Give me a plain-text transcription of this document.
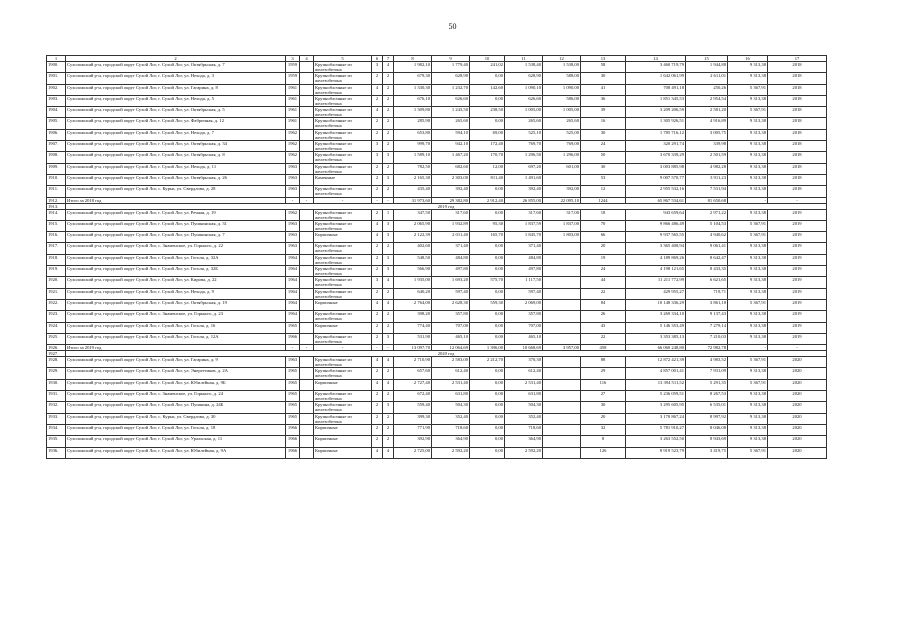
50
1	2	3	4	5	6	7	8	9	10	11	12	13	14	15	16	17
1900.	Сухоложский р-н, городской округ Сухой Лог, г. Сухой Лог, ул. Октябрьская, д. 7	1959		Крупноблочные из железобетона	3	4	1 982,10	1 779,40	241,02	1 538,40	1 538,00	58	3 460 719,79	1 944,88	9 313,38	2018
1901.	Сухоложский р-н, городской округ Сухой Лог, г. Сухой Лог, ул. Нехода, д. 3	1959		Крупноблочные из железобетона	2	2	679,30	628,90	0,00	628,90	588,00	30	1 642 061,99	2 611,01	9 313,38	2018
1902.	Сухоложский р-н, городской округ Сухой Лог, г. Сухой Лог, ул. Гагарина, д. 8	1961		Крупноблочные из железобетона	4	2	1 330,30	1 232,70	142,60	1 090,10	1 090,00	41	708 491,18	250,26	5 367,91	2018
1903.	Сухоложский р-н, городской округ Сухой Лог, г. Сухой Лог, ул. Нехода, д. 5	1961		Крупноблочные из железобетона	2	2	676,10	626,60	0,00	626,60	586,00	36	1 851 345,53	2 954,54	9 313,38	2018
1904.	Сухоложский р-н, городской округ Сухой Лог, г. Сухой Лог, ул. Октябрьская, д. 5	1961		Крупноблочные из железобетона	4	2	1 309,80	1 243,50	238,50	1 005,00	1 005,00	39	3 209 206,59	2 581,20	5 367,91	2018
1905.	Сухоложский р-н, городской округ Сухой Лог, г. Сухой Лог, ул. Фабричная, д. 12	1961		Крупноблочные из железобетона	2	2	285,90	265,60	0,00	265,60	265,60	16	1 305 926,51	4 916,89	9 313,38	2018
1906.	Сухоложский р-н, городской округ Сухой Лог, г. Сухой Лог, ул. Нехода, д. 7	1962		Крупноблочные из железобетона	2	2	653,80	594,10	69,00	525,10	525,00	30	1 785 716,12	3 005,75	9 313,38	2018
1907.	Сухоложский р-н, городской округ Сухой Лог, г. Сухой Лог, ул. Октябрьская, д. 34	1962		Крупноблочные из железобетона	3	2	999,70	942,10	172,40	769,70	769,00	24	320 291,74	339,98	9 313,38	2018
1908.	Сухоложский р-н, городской округ Сухой Лог, г. Сухой Лог, ул. Октябрьская, д. 8	1962		Крупноблочные из железобетона	3	3	1 589,10	1 467,20	170,70	1 296,50	1 296,00	50	3 670 339,29	2 501,59	9 313,38	2018
1909.	Сухоложский р-н, городской округ Сухой Лог, г. Сухой Лог, ул. Нехода, д. 11	1963		Крупноблочные из железобетона	2	2	782,50	682,60	12,00	697,20	601,00	30	3 003 885,98	4 982,28	9 313,38	2018
1910.	Сухоложский р-н, городской округ Сухой Лог, г. Сухой Лог, ул. Октябрьская, д. 26	1963		Каменные	2	3	2 165,30	2 303,00	811,40	1 491,60		53	9 007 570,77	3 911,23	9 313,38	2018
1911.	Сухоложский р-н, городской округ Сухой Лог, с. Курьи, ул. Свердлова, д. 28	1963		Крупноблочные из железобетона	2	2	435,40	392,40	0,00	392,40	392,00	12	2 955 532,16	7 531,94	9 313,38	2018
1912.	Итого за 2018 год	-	-	-	-	-	31 973,60	29 382,80	2 912,40	26 855,00	22 095,10	1244	65 867 534,61	81 650,68	-	-
1913.	2019 год															
1914.	Сухоложский р-н, городской округ Сухой Лог, г. Сухой Лог, ул. Речная, д. 19	1962		Крупноблочные из железобетона	2	1	347,50	317,60	0,00	317,60	317,00	18	943 659,64	2 971,22	9 313,38	2019
1915.	Сухоложский р-н, городской округ Сухой Лог, г. Сухой Лог, ул. Пушкинская, д. 31	1963		Крупноблочные из железобетона	4	3	2 065,90	1 932,89	95,30	1 837,59	1 837,00	70	9 866 486,49	5 104,53	5 367,91	2019
1916.	Сухоложский р-н, городской округ Сухой Лог, г. Сухой Лог, ул. Пушкинская, д. 7	1963		Кирпичные	4	3	2 122,39	2 011,40	165,70	1 845,70	1 803,00	66	9 937 565,55	4 940,62	5 367,91	2019
1917.	Сухоложский р-н, городской округ Сухой Лог, с. Знаменское, ул. Горького, д. 22	1963		Крупноблочные из железобетона	2	2	402,60	371,40	0,00	371,40		20	3 365 408,94	9 061,41	9 313,38	2019
1918.	Сухоложский р-н, городской округ Сухой Лог, г. Сухой Лог, ул. Гоголя, д. 32А	1964		Крупноблочные из железобетона	2	3	548,50	484,80	0,00	484,80		19	4 189 869,26	8 642,47	9 313,38	2019
1919.	Сухоложский р-н, городской округ Сухой Лог, г. Сухой Лог, ул. Гоголя, д. 32Б	1964		Крупноблочные из железобетона	2	3	566,90	497,80	0,00	497,80		24	4 198 121,65	8 433,35	9 313,38	2019
1920.	Сухоложский р-н, городской округ Сухой Лог, г. Сухой Лог, ул. Кирова, д. 22	1964		Крупноблочные из железобетона	3	4	1 935,00	1 693,20	575,70	1 117,50		44	11 211 772,99	6 621,65	9 313,38	2019
1921.	Сухоложский р-н, городской округ Сухой Лог, г. Сухой Лог, ул. Нехода, д. 9	1964		Крупноблочные из железобетона	2	2	640,20	597,40	0,00	597,40		22	429 955,27	719,71	9 313,38	2019
1922.	Сухоложский р-н, городской округ Сухой Лог, г. Сухой Лог, ул. Октябрьская, д. 19	1964		Кирпичные	4	4	2 764,00	2 628,30	559,30	2 069,00		84	10 148 336,29	3 861,18	5 367,91	2019
1923.	Сухоложский р-н, городской округ Сухой Лог, с. Знаменское, ул. Горького, д. 23	1964		Крупноблочные из железобетона	2	2	398,20	357,80	0,00	357,80		26	3 269 334,10	9 137,43	9 313,38	2019
1924.	Сухоложский р-н, городской округ Сухой Лог, г. Сухой Лог, ул. Гоголя, д. 16	1965		Кирпичные	2	2	774,40	707,00	0,00	707,00		43	5 146 353,49	7 279,14	9 313,38	2019
1925.	Сухоложский р-н, городской округ Сухой Лог, г. Сухой Лог, ул. Гоголя, д. 12А	1966		Крупноблочные из железобетона	2	3	531,90	465,10	0,00	465,10		22	3 353 385,13	7 210,03	9 313,38	2019
1926.	Итого за 2019 год	-	-	-	-	-	13 097,70	12 064,69	1 396,00	10 668,69	3 957,00	458	66 060 248,80	72 982,78	-	-
1927.	2020 год															
1928.	Сухоложский р-н, городской округ Сухой Лог, г. Сухой Лог, ул. Гагарина, д. 9	1963		Крупноблочные из железобетона	4	4	2 710,90	2 583,00	2 212,70	370,30		88	12 872 421,39	4 983,52	5 367,91	2020
1929.	Сухоложский р-н, городской округ Сухой Лог, г. Сухой Лог, ул. Энергетиков, д. 2А	1965		Крупноблочные из железобетона	2	2	657,60	612,40	0,00	612,40		29	4 857 001,41	7 931,09	9 313,38	2020
1930.	Сухоложский р-н, городской округ Сухой Лог, г. Сухой Лог, ул. Юбилейная, д. 9Б	1965		Кирпичные	4	4	2 727,40	2 531,40	0,00	2 531,40		116	13 394 511,52	5 291,35	5 367,91	2020
1931.	Сухоложский р-н, городской округ Сухой Лог, с. Знаменское, ул. Горького, д. 24	1965		Крупноблочные из железобетона	2	2	672,40	631,80	0,00	631,80		27	5 236 059,51	8 267,53	9 313,38	2020
1932.	Сухоложский р-н, городской округ Сухой Лог, г. Сухой Лог, ул. Пушкина, д. 24Б	1965		Крупноблочные из железобетона	2	3	559,40	504,30	0,00	504,30		30	3 295 605,95	6 535,01	9 313,38	2020
1933.	Сухоложский р-н, городской округ Сухой Лог, с. Курьи, ул. Свердлова, д. 30	1965		Крупноблочные из железобетона	2	2	399,30	352,40	0,00	352,40		20	3 170 867,24	8 997,92	9 313,38	2020
1934.	Сухоложский р-н, городской округ Сухой Лог, г. Сухой Лог, ул. Гоголя, д. 18	1966		Кирпичные	2	2	771,90	718,60	0,00	718,60		32	5 781 910,27	8 046,08	9 313,38	2020
1935.	Сухоложский р-н, городской округ Сухой Лог, г. Сухой Лог, ул. Уральская, д. 11	1966		Кирпичные	2	2	392,90	364,90	0,00	364,90		8	3 263 552,50	8 943,69	9 313,38	2020
1936.	Сухоложский р-н, городской округ Сухой Лог, г. Сухой Лог, ул. Юбилейная, д. 9А	1966		Кирпичные	4	4	2 725,00	2 592,20	0,00	2 592,20		126	8 919 523,79	3 419,75	5 367,91	2020
